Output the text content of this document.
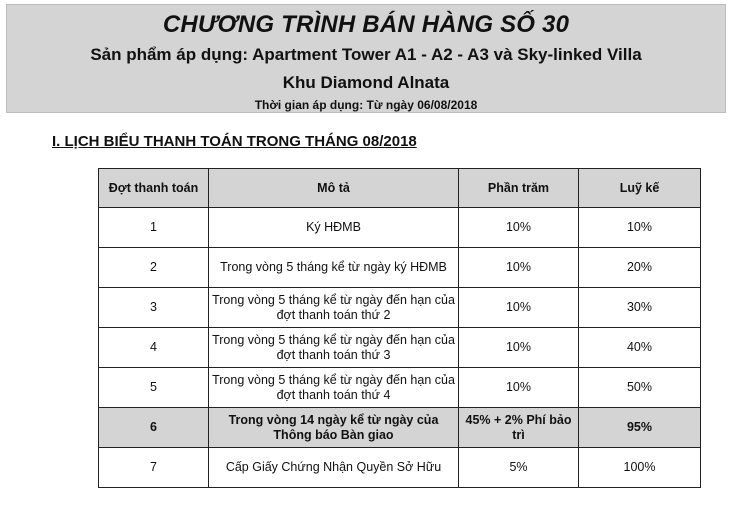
CHƯƠNG TRÌNH BÁN HÀNG SỐ 30
Sản phẩm áp dụng: Apartment Tower A1 - A2 - A3 và Sky-linked Villa
Khu Diamond Alnata
Thời gian áp dụng: Từ ngày 06/08/2018
I. LỊCH BIỂU THANH TOÁN TRONG THÁNG 08/2018
Đợt thanh toán	Mô tả	Phần trăm	Luỹ kế
1	Ký HĐMB	10%	10%
2	Trong vòng 5 tháng kể từ ngày ký HĐMB	10%	20%
3	Trong vòng 5 tháng kể từ ngày đến hạn của đợt thanh toán thứ 2	10%	30%
4	Trong vòng 5 tháng kể từ ngày đến hạn của đợt thanh toán thứ 3	10%	40%
5	Trong vòng 5 tháng kể từ ngày đến hạn của đợt thanh toán thứ 4	10%	50%
6	Trong vòng 14 ngày kể từ ngày của Thông báo Bàn giao	45% + 2% Phí bảo trì	95%
7	Cấp Giấy Chứng Nhận Quyền Sở Hữu	5%	100%
